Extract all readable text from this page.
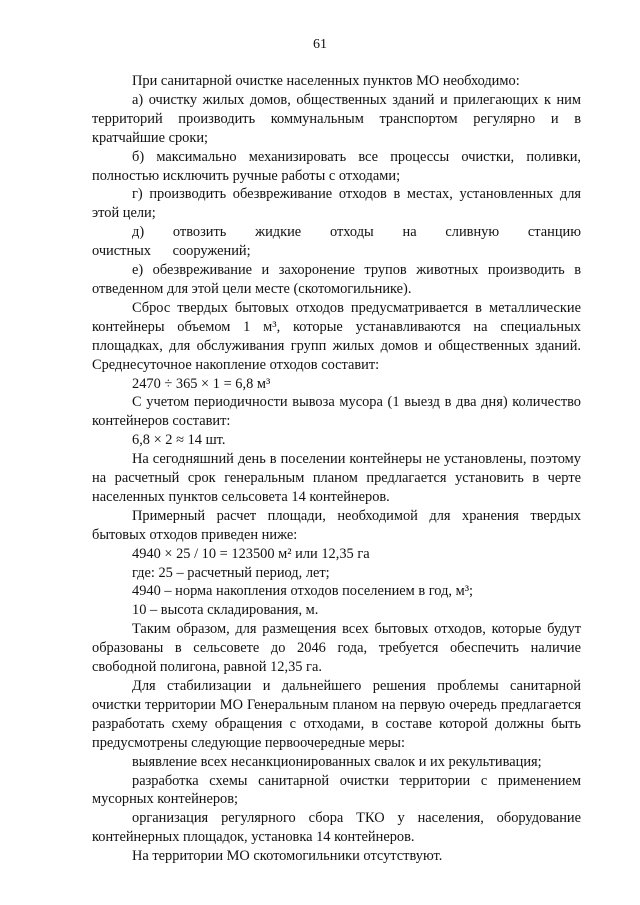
61

При санитарной очистке населенных пунктов МО необходимо:

а) очистку жилых домов, общественных зданий и прилегающих к ним территорий производить коммунальным транспортом регулярно и в кратчайшие сроки;

б) максимально механизировать все процессы очистки, поливки, полностью исключить ручные работы с отходами;

г) производить обезвреживание отходов в местах, установленных для этой цели;

д) отвозить жидкие отходы на сливную станцию очистных сооружений;

е) обезвреживание и захоронение трупов животных производить в отведенном для этой цели месте (скотомогильнике).

Сброс твердых бытовых отходов предусматривается в металлические контейнеры объемом 1 м³, которые устанавливаются на специальных площадках, для обслуживания групп жилых домов и общественных зданий. Среднесуточное накопление отходов составит:

2470 ÷ 365 × 1 = 6,8 м³

С учетом периодичности вывоза мусора (1 выезд в два дня) количество контейнеров составит:

6,8 × 2 ≈ 14 шт.

На сегодняшний день в поселении контейнеры не установлены, поэтому на расчетный срок генеральным планом предлагается установить в черте населенных пунктов сельсовета 14 контейнеров.

Примерный расчет площади, необходимой для хранения твердых бытовых отходов приведен ниже:

4940 × 25 / 10 = 123500 м² или 12,35 га

где: 25 – расчетный период, лет;

4940 – норма накопления отходов поселением в год, м³;

10 – высота складирования, м.

Таким образом, для размещения всех бытовых отходов, которые будут образованы в сельсовете до 2046 года, требуется обеспечить наличие свободной полигона, равной 12,35 га.

Для стабилизации и дальнейшего решения проблемы санитарной очистки территории МО Генеральным планом на первую очередь предлагается разработать схему обращения с отходами, в составе которой должны быть предусмотрены следующие первоочередные меры:

выявление всех несанкционированных свалок и их рекультивация;

разработка схемы санитарной очистки территории с применением мусорных контейнеров;

организация регулярного сбора ТКО у населения, оборудование контейнерных площадок, установка 14 контейнеров.

На территории МО скотомогильники отсутствуют.
